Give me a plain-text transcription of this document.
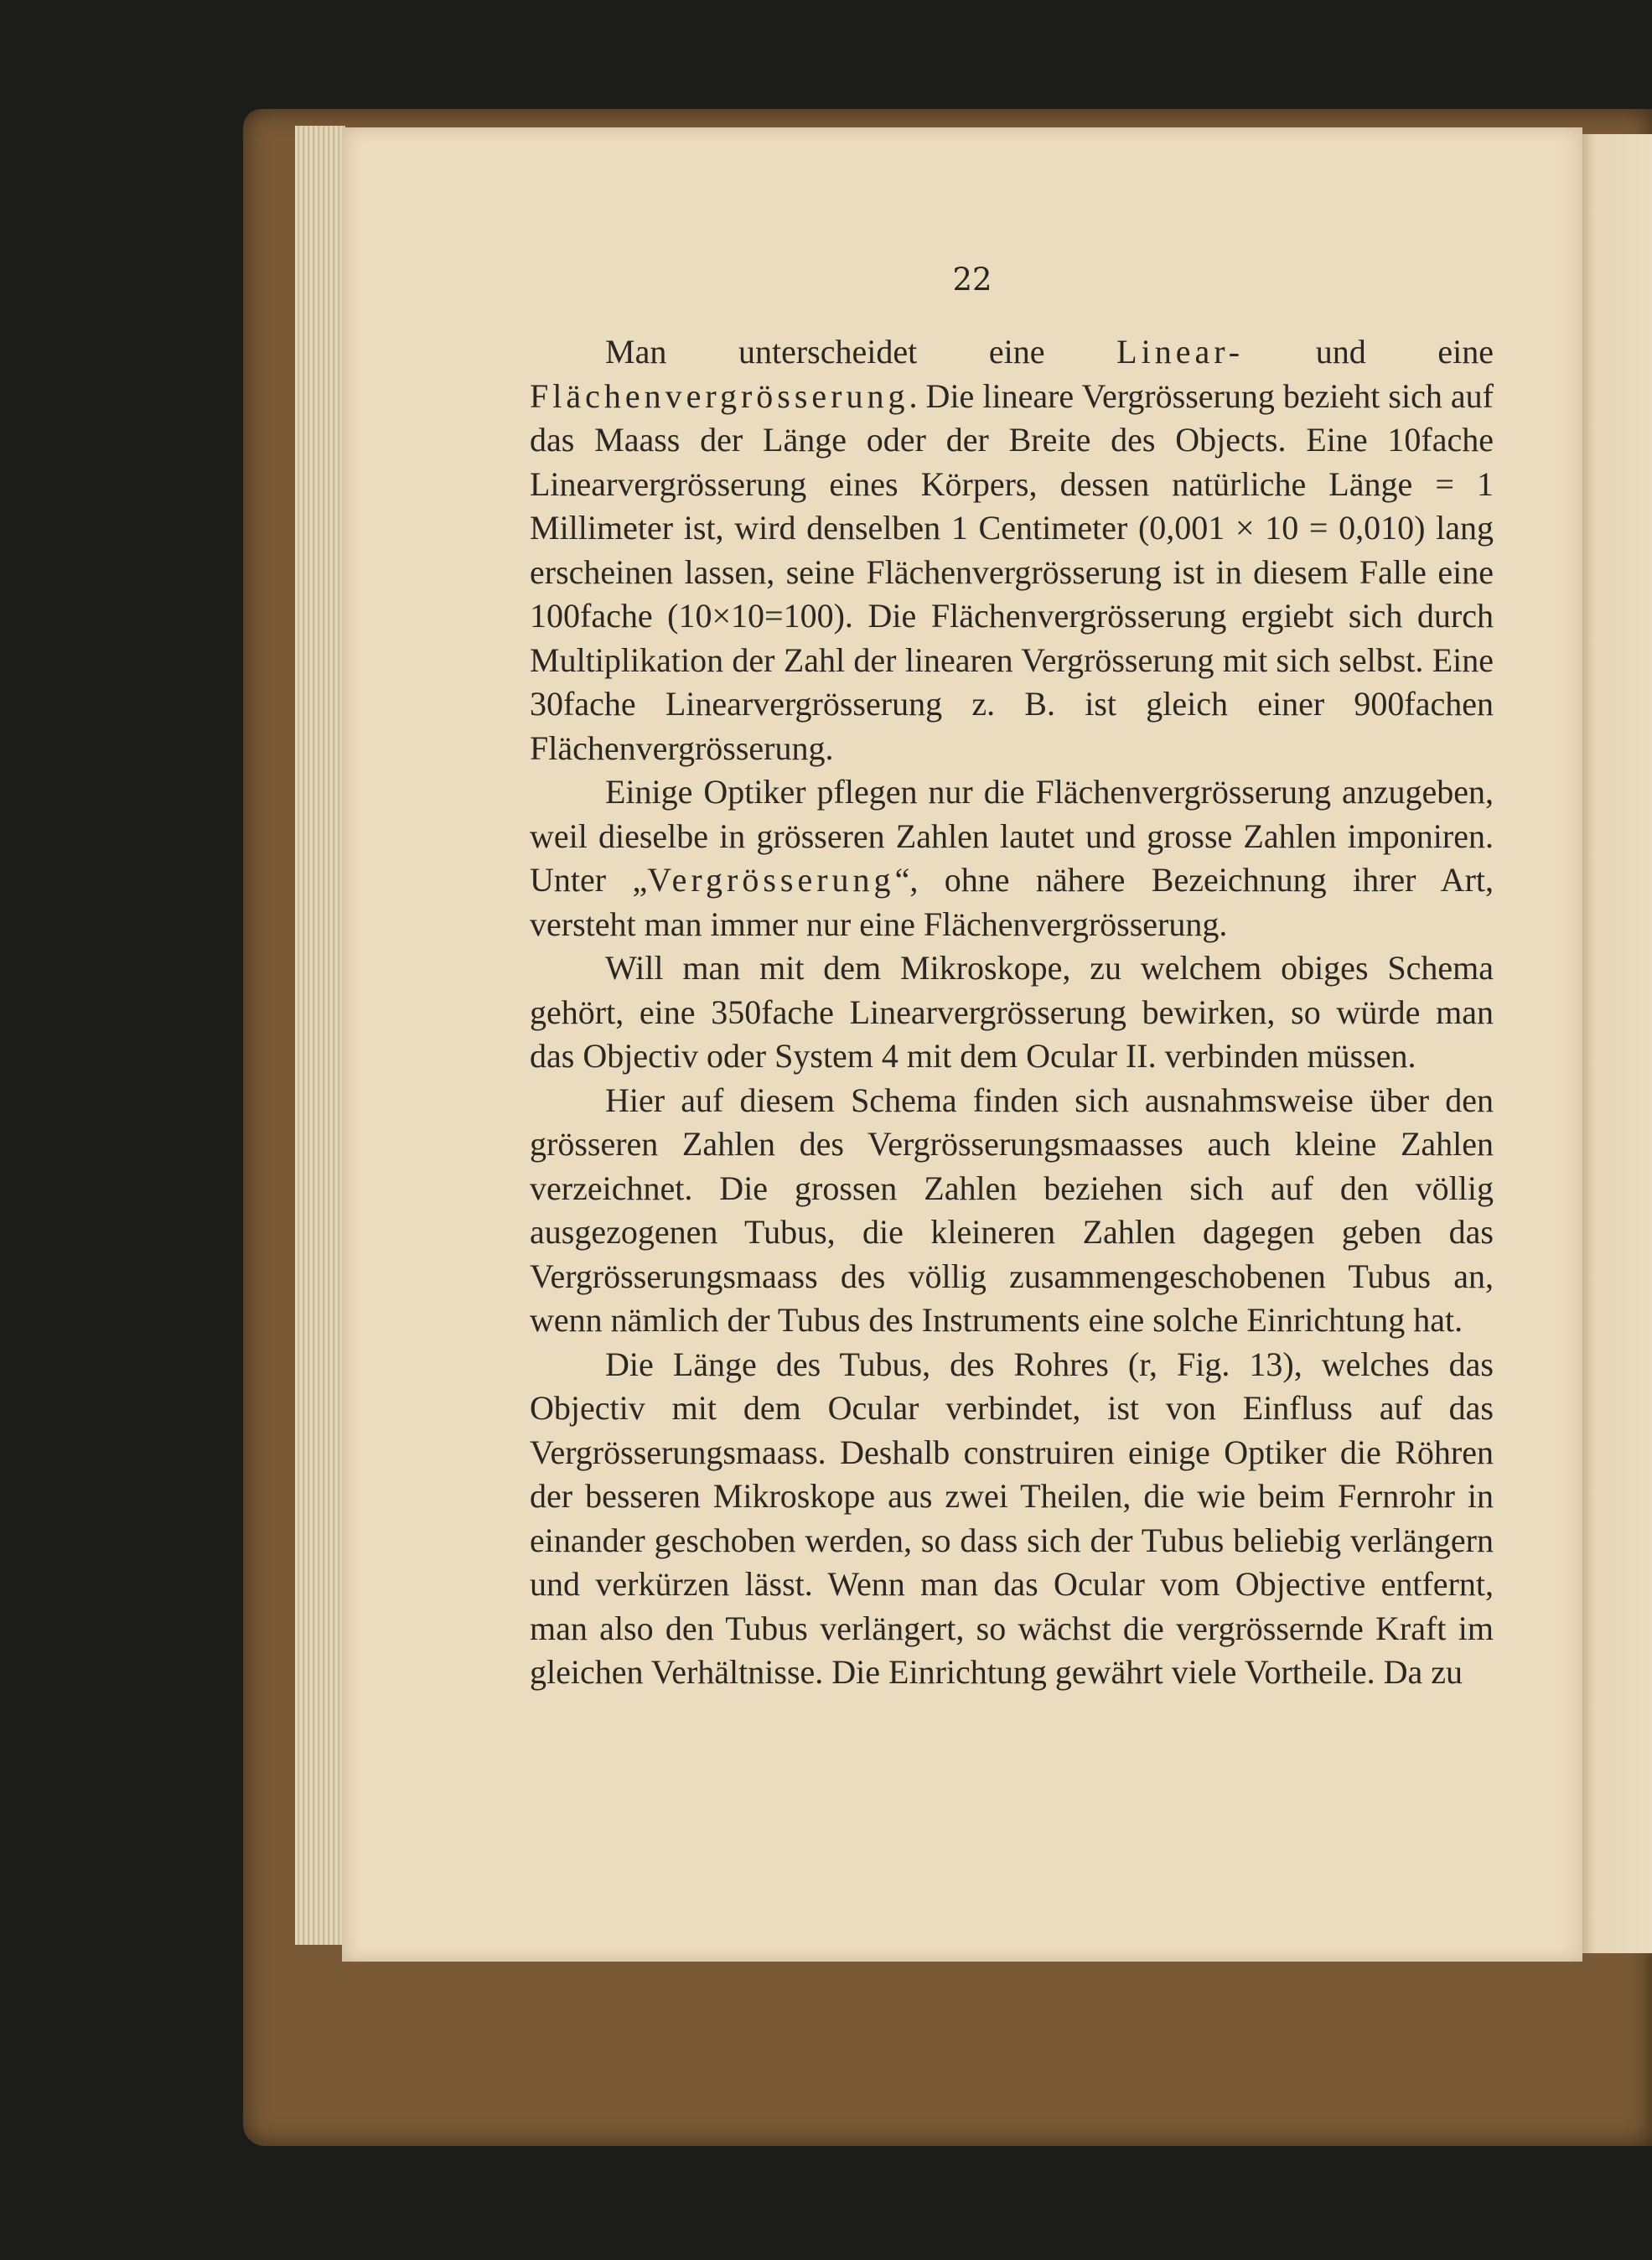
22

Man unterscheidet eine Linear- und eine Flächenvergrösserung. Die lineare Vergrösserung bezieht sich auf das Maass der Länge oder der Breite des Objects. Eine 10fache Linearvergrösserung eines Körpers, dessen natürliche Länge = 1 Millimeter ist, wird denselben 1 Centimeter (0,001 × 10 = 0,010) lang erscheinen lassen, seine Flächenvergrösserung ist in diesem Falle eine 100fache (10×10=100). Die Flächenvergrösserung ergiebt sich durch Multiplikation der Zahl der linearen Vergrösserung mit sich selbst. Eine 30fache Linearvergrösserung z. B. ist gleich einer 900fachen Flächenvergrösserung.

Einige Optiker pflegen nur die Flächenvergrösserung anzugeben, weil dieselbe in grösseren Zahlen lautet und grosse Zahlen imponiren. Unter „Vergrösserung“, ohne nähere Bezeichnung ihrer Art, versteht man immer nur eine Flächenvergrösserung.

Will man mit dem Mikroskope, zu welchem obiges Schema gehört, eine 350fache Linearvergrösserung bewirken, so würde man das Objectiv oder System 4 mit dem Ocular II. verbinden müssen.

Hier auf diesem Schema finden sich ausnahmsweise über den grösseren Zahlen des Vergrösserungsmaasses auch kleine Zahlen verzeichnet. Die grossen Zahlen beziehen sich auf den völlig ausgezogenen Tubus, die kleineren Zahlen dagegen geben das Vergrösserungsmaass des völlig zusammengeschobenen Tubus an, wenn nämlich der Tubus des Instruments eine solche Einrichtung hat.

Die Länge des Tubus, des Rohres (r, Fig. 13), welches das Objectiv mit dem Ocular verbindet, ist von Einfluss auf das Vergrösserungsmaass. Deshalb construiren einige Optiker die Röhren der besseren Mikroskope aus zwei Theilen, die wie beim Fernrohr in einander geschoben werden, so dass sich der Tubus beliebig verlängern und verkürzen lässt. Wenn man das Ocular vom Objective entfernt, man also den Tubus verlängert, so wächst die vergrössernde Kraft im gleichen Verhältnisse. Die Einrichtung gewährt viele Vortheile. Da zu
